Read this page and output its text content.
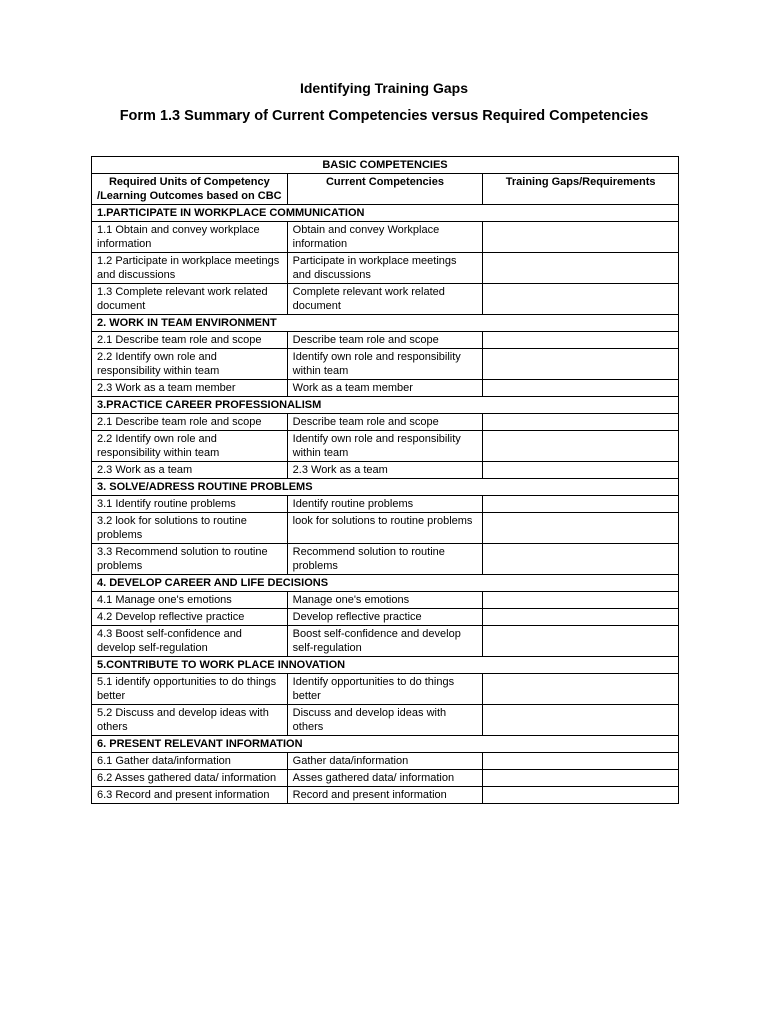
Identifying Training Gaps
Form 1.3 Summary of Current Competencies versus Required Competencies
BASIC COMPETENCIES		
Required Units of Competency /Learning Outcomes based on CBC	Current Competencies	Training Gaps/Requirements
1.PARTICIPATE IN WORKPLACE COMMUNICATION		
1.1 Obtain and convey workplace information	Obtain and convey Workplace information	
1.2 Participate in workplace meetings and discussions	Participate in workplace meetings and discussions	
1.3 Complete relevant work related document	Complete relevant work related document	
2. WORK IN TEAM ENVIRONMENT		
2.1 Describe team role and scope	Describe team role and scope	
2.2 Identify own role and responsibility within team	Identify own role and responsibility within team	
2.3 Work as a team member	Work as a team member	
3.PRACTICE CAREER PROFESSIONALISM		
2.1 Describe team role and scope	Describe team role and scope	
2.2 Identify own role and responsibility within team	Identify own role and responsibility within team	
2.3 Work as a team	2.3 Work as a team	
3. SOLVE/ADRESS ROUTINE PROBLEMS		
3.1 Identify routine problems	Identify routine problems	
3.2 look for solutions to routine problems	look for solutions to routine problems	
3.3 Recommend solution to routine problems	Recommend solution to routine problems	
4. DEVELOP CAREER AND LIFE DECISIONS		
4.1 Manage one's emotions	Manage one's emotions	
4.2 Develop reflective practice	Develop reflective practice	
4.3 Boost self-confidence and develop self-regulation	Boost self-confidence and develop self-regulation	
5.CONTRIBUTE TO WORK PLACE INNOVATION		
5.1 identify opportunities to do things better	Identify opportunities to do things better	
5.2 Discuss and develop ideas with others	Discuss and develop ideas with others	
6. PRESENT RELEVANT INFORMATION		
6.1 Gather data/information	Gather data/information	
6.2 Asses gathered data/ information	Asses gathered data/ information	
6.3 Record and present information	Record and present information	
